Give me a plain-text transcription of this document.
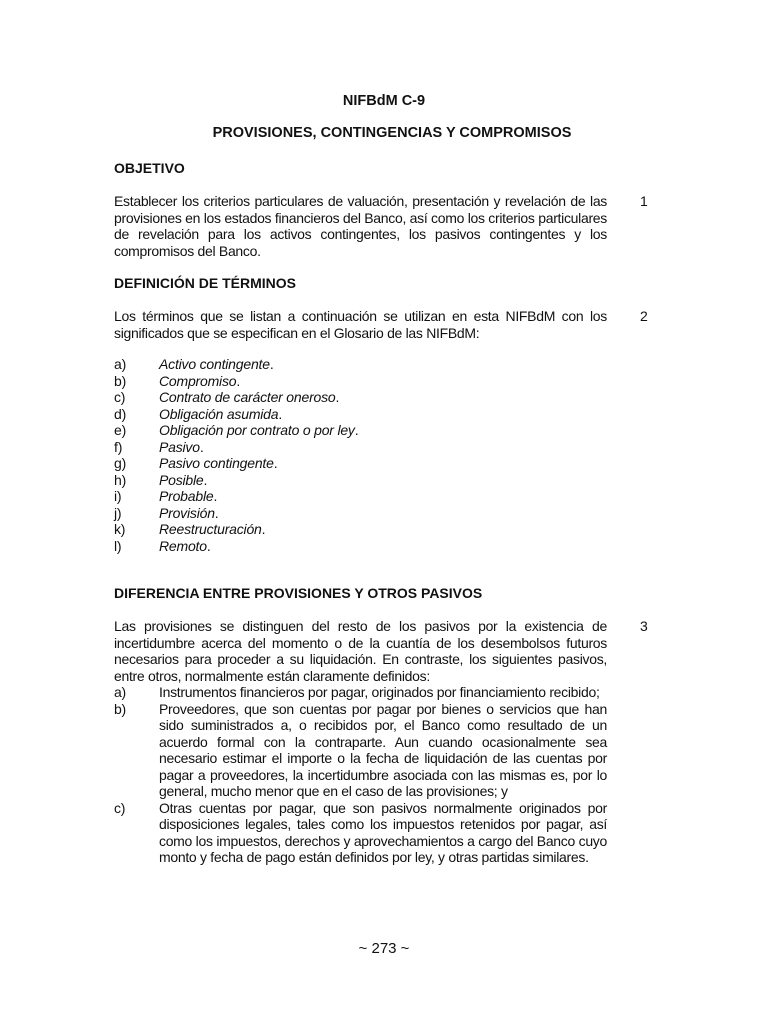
NIFBdM C-9
PROVISIONES, CONTINGENCIAS Y COMPROMISOS
OBJETIVO
Establecer los criterios particulares de valuación, presentación y revelación de las provisiones en los estados financieros del Banco, así como los criterios particulares de revelación para los activos contingentes, los pasivos contingentes y los compromisos del Banco.
1
DEFINICIÓN DE TÉRMINOS
Los términos que se listan a continuación se utilizan en esta NIFBdM con los significados que se especifican en el Glosario de las NIFBdM:
2
a) Activo contingente.
b) Compromiso.
c) Contrato de carácter oneroso.
d) Obligación asumida.
e) Obligación por contrato o por ley.
f)	Pasivo.
g) Pasivo contingente.
h) Posible.
i)	Probable.
j)	Provisión.
k) Reestructuración.
l)	Remoto.
DIFERENCIA ENTRE PROVISIONES Y OTROS PASIVOS
Las provisiones se distinguen del resto de los pasivos por la existencia de incertidumbre acerca del momento o de la cuantía de los desembolsos futuros necesarios para proceder a su liquidación. En contraste, los siguientes pasivos, entre otros, normalmente están claramente definidos:
3
a) Instrumentos financieros por pagar, originados por financiamiento recibido;
b) Proveedores, que son cuentas por pagar por bienes o servicios que han sido suministrados a, o recibidos por, el Banco como resultado de un acuerdo formal con la contraparte. Aun cuando ocasionalmente sea necesario estimar el importe o la fecha de liquidación de las cuentas por pagar a proveedores, la incertidumbre asociada con las mismas es, por lo general, mucho menor que en el caso de las provisiones; y
c) Otras cuentas por pagar, que son pasivos normalmente originados por disposiciones legales, tales como los impuestos retenidos por pagar, así como los impuestos, derechos y aprovechamientos a cargo del Banco cuyo monto y fecha de pago están definidos por ley, y otras partidas similares.
~ 273 ~
